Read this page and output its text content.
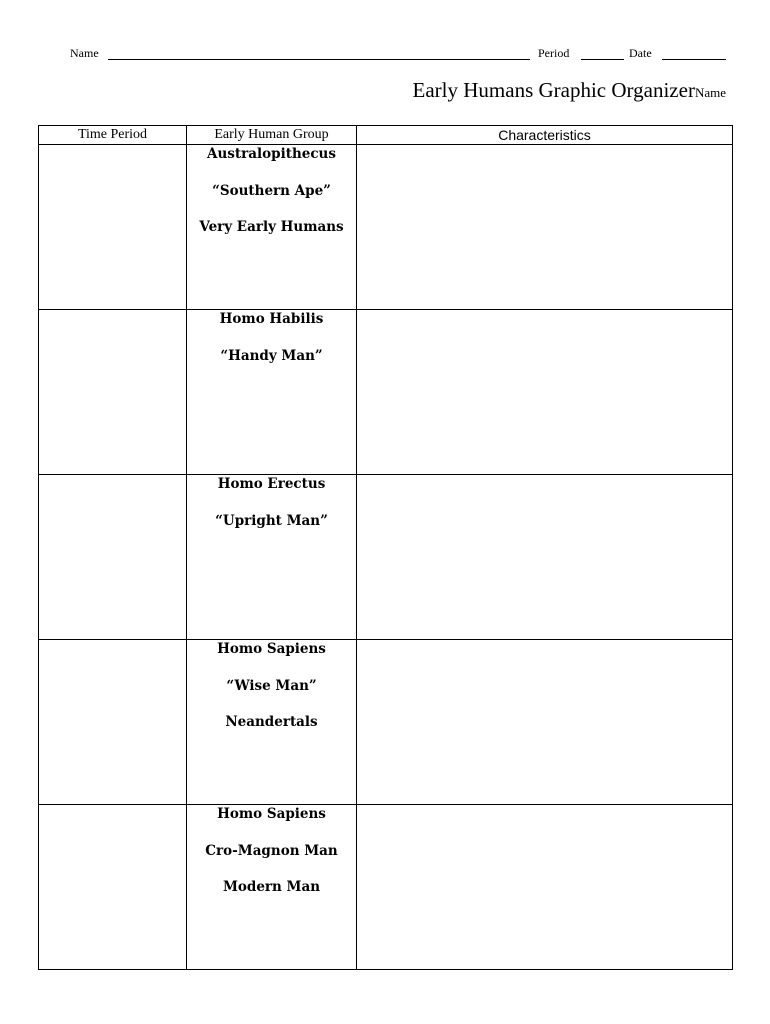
Name	Period	Date
Early Humans Graphic OrganizerName
Time Period	Early Human Group	Characteristics

	Australopithecus
“Southern Ape”
Very Early Humans	

	Homo Habilis
“Handy Man”	

	Homo Erectus
“Upright Man”	

	Homo Sapiens
“Wise Man”
Neandertals	

	Homo Sapiens
Cro-Magnon Man
Modern Man	
